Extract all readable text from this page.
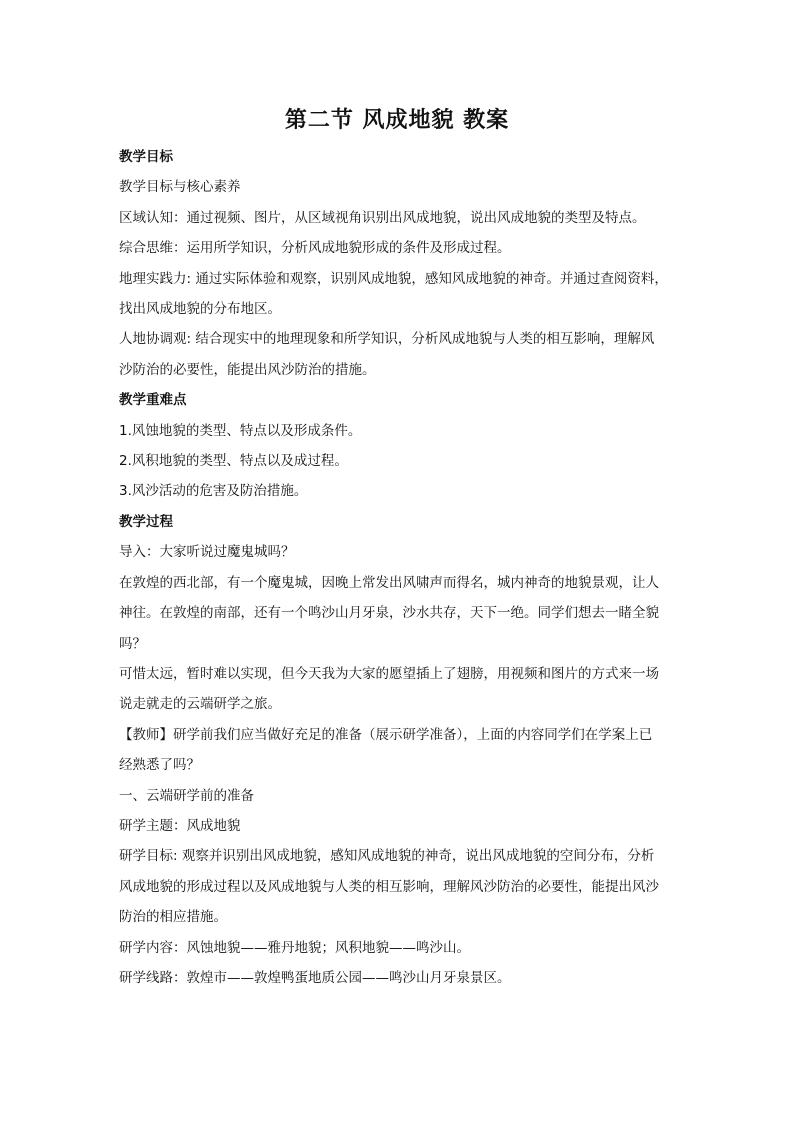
第二节 风成地貌 教案

教学目标

教学目标与核心素养

区域认知：通过视频、图片，从区域视角识别出风成地貌，说出风成地貌的类型及特点。

综合思维：运用所学知识，分析风成地貌形成的条件及形成过程。

地理实践力: 通过实际体验和观察，识别风成地貌，感知风成地貌的神奇。并通过查阅资料，

找出风成地貌的分布地区。

人地协调观: 结合现实中的地理现象和所学知识，分析风成地貌与人类的相互影响，理解风

沙防治的必要性，能提出风沙防治的措施。

教学重难点

1.风蚀地貌的类型、特点以及形成条件。

2.风积地貌的类型、特点以及成过程。

3.风沙活动的危害及防治措施。

教学过程

导入：大家听说过魔鬼城吗？

在敦煌的西北部，有一个魔鬼城，因晚上常发出风啸声而得名，城内神奇的地貌景观，让人

神往。在敦煌的南部，还有一个鸣沙山月牙泉，沙水共存，天下一绝。同学们想去一睹全貌

吗？

可惜太远，暂时难以实现，但今天我为大家的愿望插上了翅膀，用视频和图片的方式来一场

说走就走的云端研学之旅。

【教师】研学前我们应当做好充足的准备（展示研学准备），上面的内容同学们在学案上已

经熟悉了吗？

一、云端研学前的准备

研学主题：风成地貌

研学目标: 观察并识别出风成地貌，感知风成地貌的神奇，说出风成地貌的空间分布，分析

风成地貌的形成过程以及风成地貌与人类的相互影响，理解风沙防治的必要性，能提出风沙

防治的相应措施。

研学内容：风蚀地貌——雅丹地貌；风积地貌——鸣沙山。

研学线路：敦煌市——敦煌鸭蛋地质公园——鸣沙山月牙泉景区。
